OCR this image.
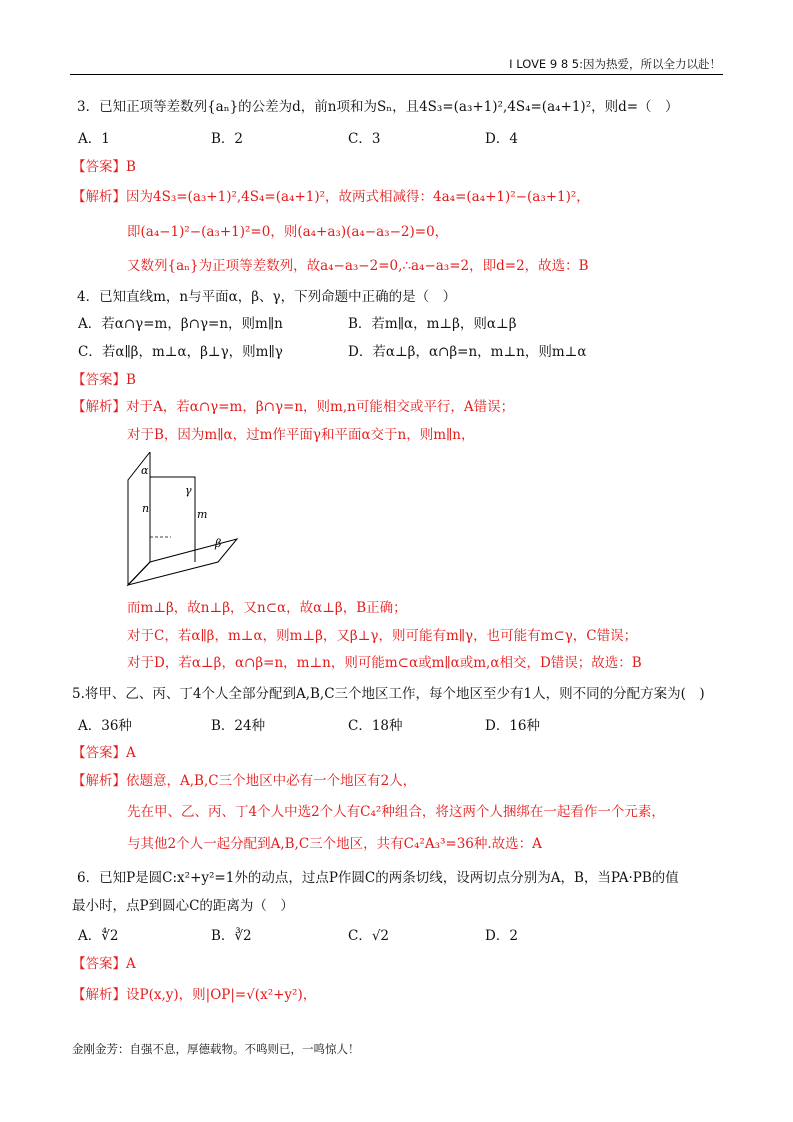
I LOVE 9 8 5:因为热爱，所以全力以赴！
3．已知正项等差数列{aₙ}的公差为d，前n项和为Sₙ，且4S₃=(a₃+1)²,4S₄=(a₄+1)²，则d=（　）
A．1	B．2	C．3	D．4
【答案】B
【解析】因为4S₃=(a₃+1)²,4S₄=(a₄+1)²，故两式相减得：4a₄=(a₄+1)²−(a₃+1)²，
即(a₄−1)²−(a₃+1)²=0，则(a₄+a₃)(a₄−a₃−2)=0，
又数列{aₙ}为正项等差数列，故a₄−a₃−2=0,∴a₄−a₃=2，即d=2，故选：B
4．已知直线m，n与平面α，β、γ，下列命题中正确的是（　）
A．若α∩γ=m，β∩γ=n，则m∥n	B．若m∥α，m⊥β，则α⊥β
C．若α∥β，m⊥α，β⊥γ，则m∥γ	D．若α⊥β，α∩β=n，m⊥n，则m⊥α
【答案】B
【解析】对于A，若α∩γ=m，β∩γ=n，则m,n可能相交或平行，A错误；
对于B，因为m∥α，过m作平面γ和平面α交于n，则m∥n，
α
γ
n	m
β
而m⊥β，故n⊥β，又n⊂α，故α⊥β，B正确；
对于C，若α∥β，m⊥α，则m⊥β，又β⊥γ，则可能有m∥γ，也可能有m⊂γ，C错误；
对于D，若α⊥β，α∩β=n，m⊥n，则可能m⊂α或m∥α或m,α相交，D错误；故选：B
5.将甲、乙、丙、丁4个人全部分配到A,B,C三个地区工作，每个地区至少有1人，则不同的分配方案为(　)
A．36种	B．24种	C．18种	D．16种
【答案】A
【解析】依题意，A,B,C三个地区中必有一个地区有2人，
先在甲、乙、丙、丁4个人中选2个人有C₄²种组合，将这两个人捆绑在一起看作一个元素，
与其他2个人一起分配到A,B,C三个地区，共有C₄²A₃³=36种.故选：A
6．已知P是圆C:x²+y²=1外的动点，过点P作圆C的两条切线，设两切点分别为A，B，当PA·PB的值
最小时，点P到圆心C的距离为（　）
A．∜2	B．∛2	C．√2	D．2
【答案】A
【解析】设P(x,y)，则|OP|=√(x²+y²)，
金刚金芳：自强不息，厚德载物。不鸣则已，一鸣惊人！
